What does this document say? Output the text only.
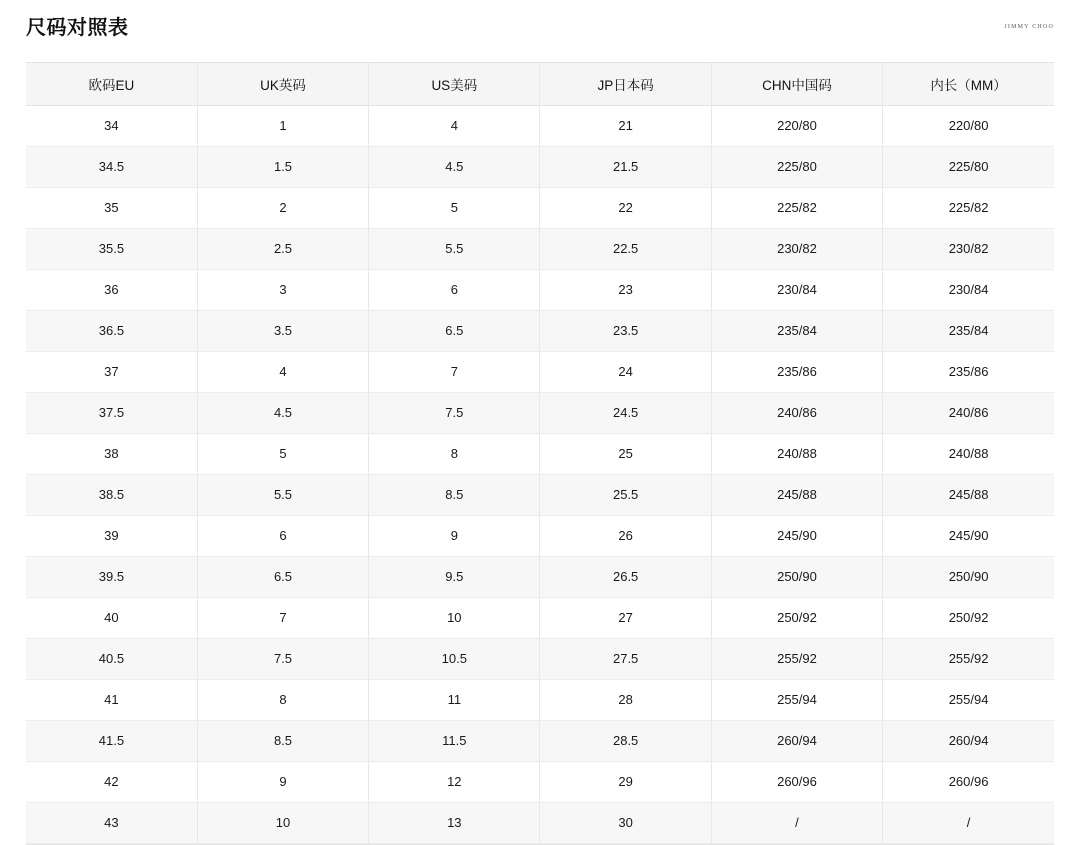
尺码对照表	JIMMY CHOO
欧码EU	UK英码	US美码	JP日本码	CHN中国码	内长（MM）
34	1	4	21	220/80	220/80
34.5	1.5	4.5	21.5	225/80	225/80
35	2	5	22	225/82	225/82
35.5	2.5	5.5	22.5	230/82	230/82
36	3	6	23	230/84	230/84
36.5	3.5	6.5	23.5	235/84	235/84
37	4	7	24	235/86	235/86
37.5	4.5	7.5	24.5	240/86	240/86
38	5	8	25	240/88	240/88
38.5	5.5	8.5	25.5	245/88	245/88
39	6	9	26	245/90	245/90
39.5	6.5	9.5	26.5	250/90	250/90
40	7	10	27	250/92	250/92
40.5	7.5	10.5	27.5	255/92	255/92
41	8	11	28	255/94	255/94
41.5	8.5	11.5	28.5	260/94	260/94
42	9	12	29	260/96	260/96
43	10	13	30	/	/
